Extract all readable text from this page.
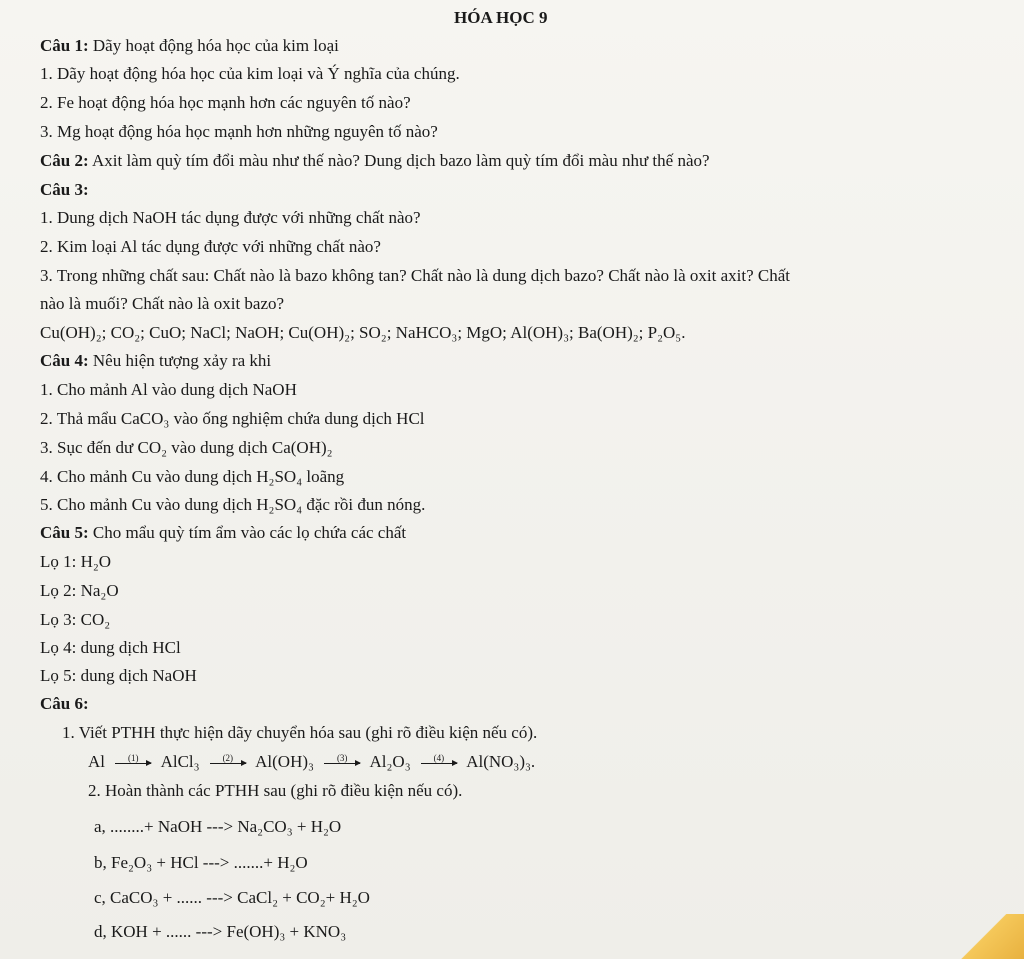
HÓA HỌC 9
Câu 1: Dãy hoạt động hóa học của kim loại
1. Dãy hoạt động hóa học của kim loại và Ý nghĩa của chúng.
2. Fe hoạt động hóa học mạnh hơn các nguyên tố nào?
3. Mg hoạt động hóa học mạnh hơn những nguyên tố nào?
Câu 2: Axit làm quỳ tím đổi màu như thế nào? Dung dịch bazo làm quỳ tím đổi màu như thế nào?
Câu 3:
1. Dung dịch NaOH tác dụng được với những chất nào?
2. Kim loại Al tác dụng được với những chất nào?
3. Trong những chất sau: Chất nào là bazo không tan? Chất nào là dung dịch bazo? Chất nào là oxit axit? Chất
nào là muối? Chất nào là oxit bazo?
Cu(OH)₂; CO₂; CuO; NaCl; NaOH; Cu(OH)₂; SO₂; NaHCO₃; MgO; Al(OH)₃; Ba(OH)₂; P₂O₅.
Câu 4: Nêu hiện tượng xảy ra khi
1. Cho mảnh Al vào dung dịch NaOH
2. Thả mẩu CaCO₃ vào ống nghiệm chứa dung dịch HCl
3. Sục đến dư CO₂ vào dung dịch Ca(OH)₂
4. Cho mảnh Cu vào dung dịch H₂SO₄ loãng
5. Cho mảnh Cu vào dung dịch H₂SO₄ đặc rồi đun nóng.
Câu 5: Cho mẩu quỳ tím ẩm vào các lọ chứa các chất
Lọ 1: H₂O
Lọ 2: Na₂O
Lọ 3: CO₂
Lọ 4: dung dịch HCl
Lọ 5: dung dịch NaOH
Câu 6:
1. Viết PTHH thực hiện dãy chuyển hóa sau (ghi rõ điều kiện nếu có).
Al	(1) AlCl₃	(2) Al(OH)₃	(3) Al₂O₃	(4) Al(NO₃)₃.
2. Hoàn thành các PTHH sau (ghi rõ điều kiện nếu có).
a, ........+ NaOH ---> Na₂CO₃ + H₂O
b, Fe₂O₃ + HCl ---> .......+ H₂O
c, CaCO₃ + ...... ---> CaCl₂ + CO₂+ H₂O
d, KOH + ...... ---> Fe(OH)₃ + KNO₃
